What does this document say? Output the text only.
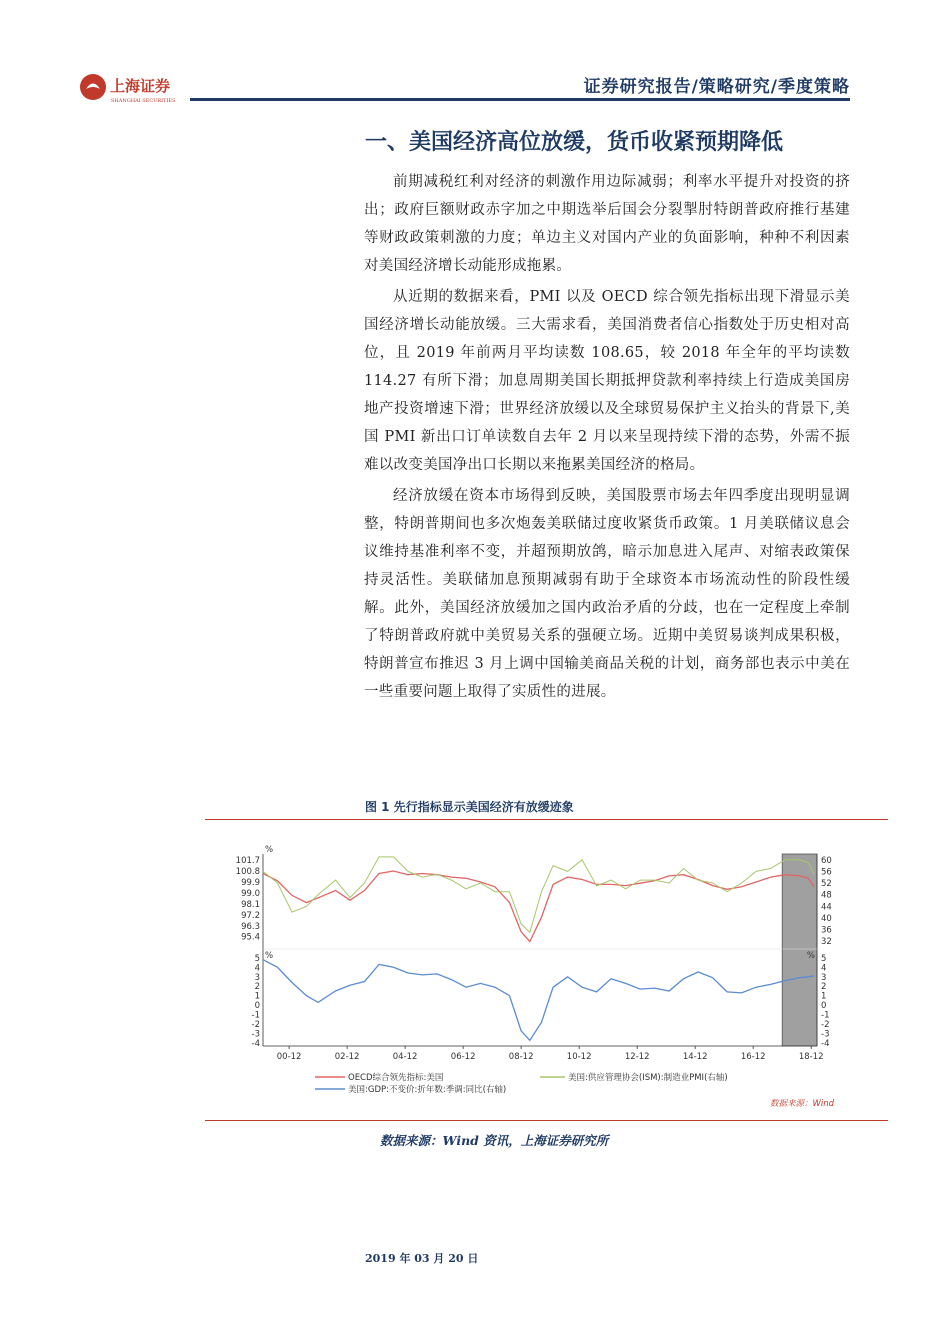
上海证券
SHANGHAI SECURITIES
证券研究报告/策略研究/季度策略
一、美国经济高位放缓，货币收紧预期降低

前期减税红利对经济的刺激作用边际减弱；利率水平提升对投资的挤出；政府巨额财政赤字加之中期选举后国会分裂掣肘特朗普政府推行基建等财政政策刺激的力度；单边主义对国内产业的负面影响，种种不利因素对美国经济增长动能形成拖累。

从近期的数据来看，PMI 以及 OECD 综合领先指标出现下滑显示美国经济增长动能放缓。三大需求看，美国消费者信心指数处于历史相对高位，且 2019 年前两月平均读数 108.65，较 2018 年全年的平均读数 114.27 有所下滑；加息周期美国长期抵押贷款利率持续上行造成美国房地产投资增速下滑；世界经济放缓以及全球贸易保护主义抬头的背景下,美国 PMI 新出口订单读数自去年 2 月以来呈现持续下滑的态势，外需不振难以改变美国净出口长期以来拖累美国经济的格局。

经济放缓在资本市场得到反映，美国股票市场去年四季度出现明显调整，特朗普期间也多次炮轰美联储过度收紧货币政策。1 月美联储议息会议维持基准利率不变，并超预期放鸽，暗示加息进入尾声、对缩表政策保持灵活性。美联储加息预期减弱有助于全球资本市场流动性的阶段性缓解。此外，美国经济放缓加之国内政治矛盾的分歧，也在一定程度上牵制了特朗普政府就中美贸易关系的强硬立场。近期中美贸易谈判成果积极，特朗普宣布推迟 3 月上调中国输美商品关税的计划，商务部也表示中美在一些重要问题上取得了实质性的进展。

图 1 先行指标显示美国经济有放缓迹象
101.7
100.8
99.9
99.0
98.1
97.2
96.3
95.4
60
56
52
48
44
40
36
32
5
4
3
2
1
0
-1
-2
-3
-4
5
4
3
2
1
0
-1
-2
-3
-4
%
%	%
00-12	02-12	04-12	06-12	08-12	10-12	12-12	14-12	16-12	18-12
OECD综合领先指标:美国	美国:供应管理协会(ISM):制造业PMI(右轴)
美国:GDP:不变价:折年数:季调:同比(右轴)
数据来源：Wind
数据来源：Wind 资讯，上海证券研究所
2019 年 03 月 20 日
